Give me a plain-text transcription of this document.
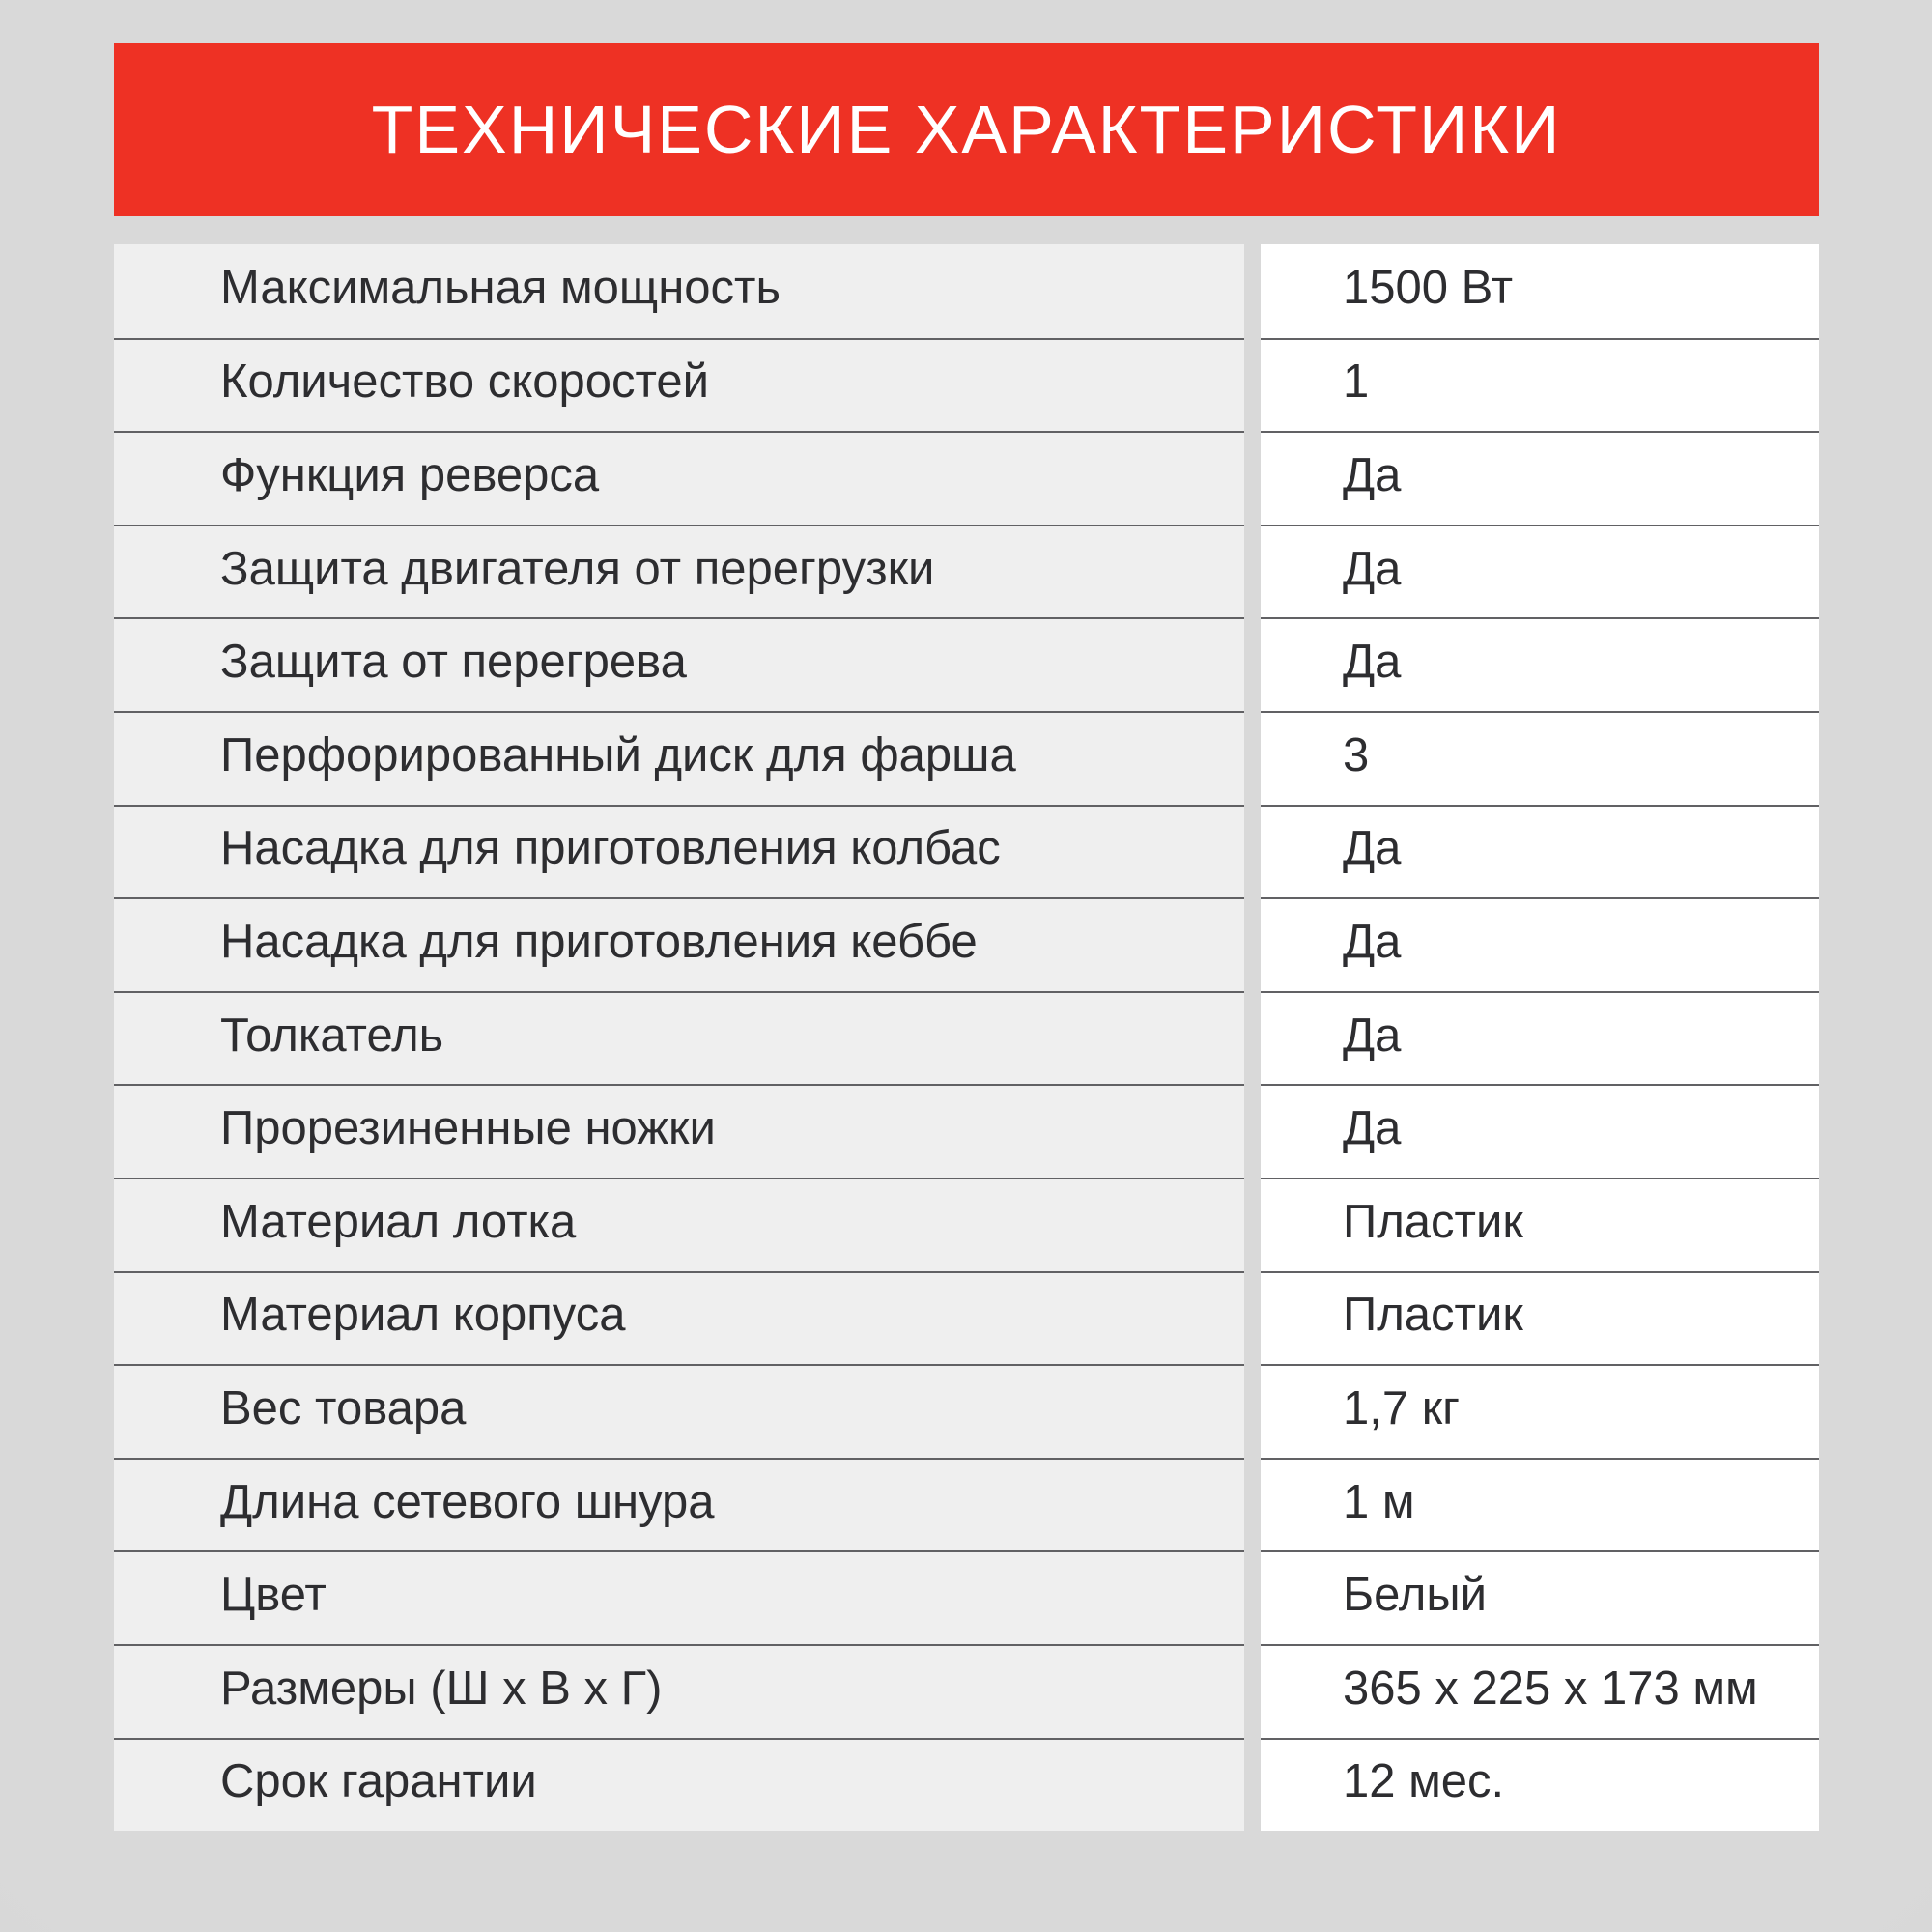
ТЕХНИЧЕСКИЕ ХАРАКТЕРИСТИКИ
Максимальная мощность	1500 Вт
Количество скоростей	1
Функция реверса	Да
Защита двигателя от перегрузки	Да
Защита от перегрева	Да
Перфорированный диск для фарша	3
Насадка для приготовления колбас	Да
Насадка для приготовления кеббе	Да
Толкатель	Да
Прорезиненные ножки	Да
Материал лотка	Пластик
Материал корпуса	Пластик
Вес товара	1,7 кг
Длина сетевого шнура	1 м
Цвет	Белый
Размеры (Ш х В х Г)	365 х 225 х 173 мм
Срок гарантии	12 мес.
